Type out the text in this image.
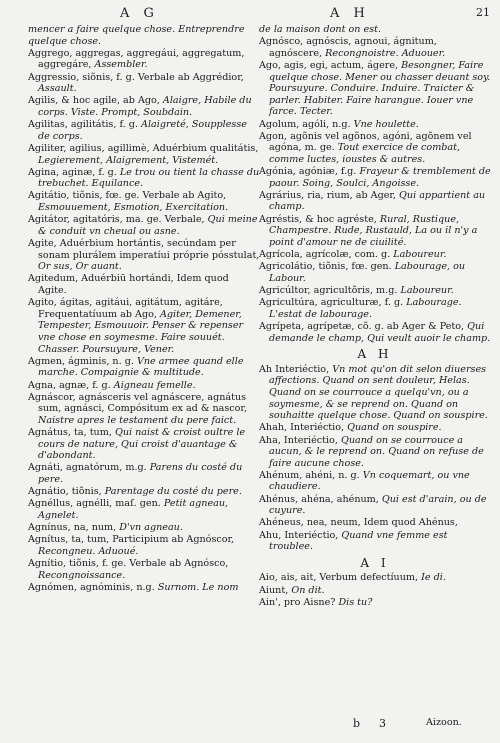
A G	A H	21
mencer a faire quelque chose. Entreprendre quelque chose.
Aggrego, aggregas, aggregáui, aggregatum, aggregáre, Assembler.
Aggressio, siõnis, f. g. Verbale ab Aggrédior, Assault.
Agilis, & hoc agile, ab Ago, Alaigre, Habile du corps. Viste. Prompt, Soubdain.
Agilitas, agilitátis, f. g. Alaigreté, Soupplesse de corps.
Agiliter, agilius, agillimè, Aduérbium qualitátis, Legierement, Alaigrement, Vistemét.
Agina, aginæ, f. g. Le trou ou tient la chasse du trebuchet. Equilance.
Agitátio, tiõnis, fœ. ge. Verbale ab Agito, Esmouuement, Esmotion, Exercitation.
Agitátor, agitatóris, ma. ge. Verbale, Qui meine & conduit vn cheual ou asne.
Agite, Aduérbium hortántis, secúndam per sonam plurálem imperatíui próprie pósstulat, Or sus, Or auant.
Agitedum, Aduérbiū hortándi, Idem quod Agite.
Agito, ágitas, agitáui, agitátum, agitáre, Frequentatíuum ab Ago, Agiter, Demener, Tempester, Esmouuoir. Penser & repenser vne chose en soymesme. Faire souuét. Chasser. Poursuyure, Vener.
Agmen, ágminis, n. g. Vne armee quand elle marche. Compaignie & multitude.
Agna, agnæ, f. g. Aigneau femelle.
Agnáscor, agnásceris vel agnáscere, agnátus sum, agnásci, Compósitum ex ad & nascor, Naistre apres le testament du pere faict.
Agnátus, ta, tum, Qui naist & croist oultre le cours de nature, Qui croist d'auantage & d'abondant.
Agnáti, agnatórum, m.g. Parens du costé du pere.
Agnátio, tiõnis, Parentage du costé du pere.
Agnéllus, agnélli, maſ. gen. Petit agneau, Agnelet.
Agnínus, na, num, D'vn agneau.
Agnítus, ta, tum, Participium ab Agnóscor, Recongneu. Aduoué.
Agnítio, tiõnis, f. ge. Verbale ab Agnósco, Recongnoissance.
Agnómen, agnóminis, n.g. Surnom. Le nom
de la maison dont on est.
Agnósco, agnóscis, agnoui, ágnitum, agnóscere, Recongnoistre. Aduouer.
Ago, agis, egi, actum, ágere, Besongner, Faire quelque chose. Mener ou chasser deuant soy. Poursuyure. Conduire. Induire. Traicter & parler. Habiter. Faire harangue. Iouer vne farce. Tecter.
Agolum, agóli, n.g. Vne houlette.
Agon, agõnis vel agõnos, agóni, agõnem vel agóna, m. ge. Tout exercice de combat, comme luctes, ioustes & autres.
Agónia, agóniæ, f.g. Frayeur & tremblement de paour. Soing, Soulci, Angoisse.
Agrárius, ria, rium, ab Ager, Qui appartient au champ.
Agréstis, & hoc agréste, Rural, Rustique, Champestre. Rude, Rustauld, La ou il n'y a point d'amour ne de ciuilité.
Agrícola, agrícolæ, com. g. Laboureur.
Agricolátio, tiõnis, fœ. gen. Labourage, ou Labour.
Agricúltor, agricultõris, m.g. Laboureur.
Agricultúra, agriculturæ, f. g. Labourage. L'estat de labourage.
Agrípeta, agrípetæ, cõ. g. ab Ager & Peto, Qui demande le champ, Qui veult auoir le champ.
A H
Ah Interiéctio, Vn mot qu'on dit selon diuerses affections. Quand on sent douleur, Helas. Quand on se courrouce a quelqu'vn, ou a soymesme, & se reprend on. Quand on souhaitte quelque chose. Quand on souspire.
Ahah, Interiéctio, Quand on souspire.
Aha, Interiéctio, Quand on se courrouce a aucun, & le reprend on. Quand on refuse de faire aucune chose.
Ahénum, ahéni, n. g. Vn coquemart, ou vne chaudiere.
Ahénus, ahéna, ahénum, Qui est d'arain, ou de cuyure.
Ahéneus, nea, neum, Idem quod Ahénus,
Ahu, Interiéctio, Quand vne femme est troublee.
A I
Aio, ais, ait, Verbum defectíuum, Ie di.
Aiunt, On dit.
Ain', pro Aisne? Dis tu?
b 3	Aizoon.
